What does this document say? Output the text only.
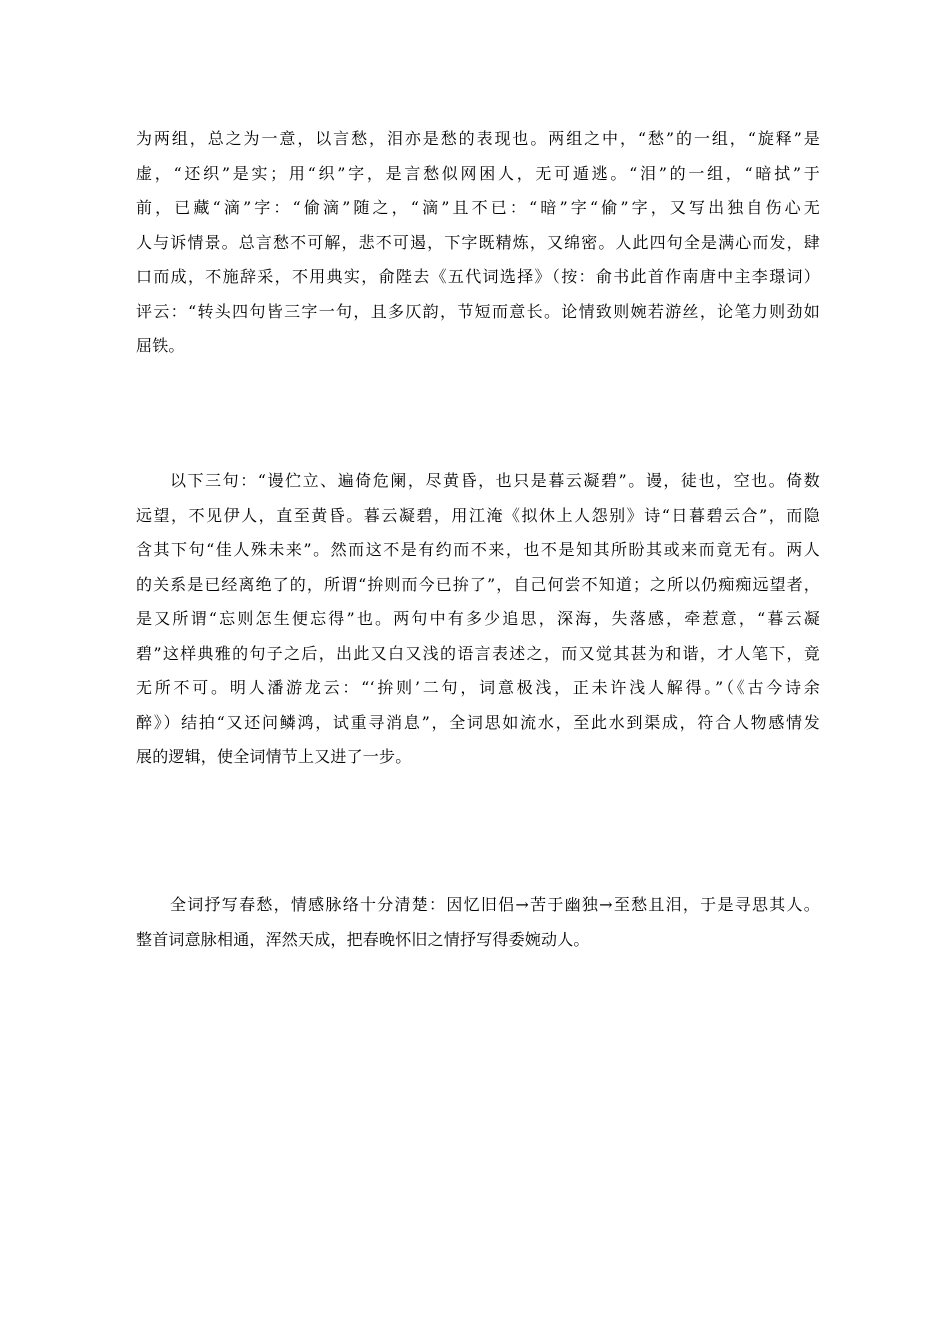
为两组，总之为一意，以言愁，泪亦是愁的表现也。两组之中，“愁”的一组，“旋释”是
虚，“还织”是实；用“织”字，是言愁似网困人，无可遁逃。“泪”的一组，“暗拭”于
前，已藏“滴”字：“偷滴”随之，“滴”且不已：“暗”字“偷”字，又写出独自伤心无
人与诉情景。总言愁不可解，悲不可遏，下字既精炼，又绵密。人此四句全是满心而发，肆
口而成，不施辞采，不用典实，俞陛去《五代词选择》（按：俞书此首作南唐中主李璟词）
评云：“转头四句皆三字一句，且多仄韵，节短而意长。论情致则婉若游丝，论笔力则劲如
屈铁。
以下三句：“谩伫立、遍倚危阑，尽黄昏，也只是暮云凝碧”。谩，徒也，空也。倚数
远望，不见伊人，直至黄昏。暮云凝碧，用江淹《拟休上人怨别》诗“日暮碧云合”，而隐
含其下句“佳人殊未来”。然而这不是有约而不来，也不是知其所盼其或来而竟无有。两人
的关系是已经离绝了的，所谓“拚则而今已拚了”，自己何尝不知道；之所以仍痴痴远望者，
是又所谓“忘则怎生便忘得”也。两句中有多少追思，深海，失落感，牵惹意，“暮云凝
碧”这样典雅的句子之后，出此又白又浅的语言表述之，而又觉其甚为和谐，才人笔下，竟
无所不可。明人潘游龙云：“‘拚则’二句，词意极浅，正未许浅人解得。”（《古今诗余
醉》）结拍“又还问鳞鸿，试重寻消息”，全词思如流水，至此水到渠成，符合人物感情发
展的逻辑，使全词情节上又进了一步。
全词抒写春愁，情感脉络十分清楚：因忆旧侣→苦于幽独→至愁且泪，于是寻思其人。
整首词意脉相通，浑然天成，把春晚怀旧之情抒写得委婉动人。
